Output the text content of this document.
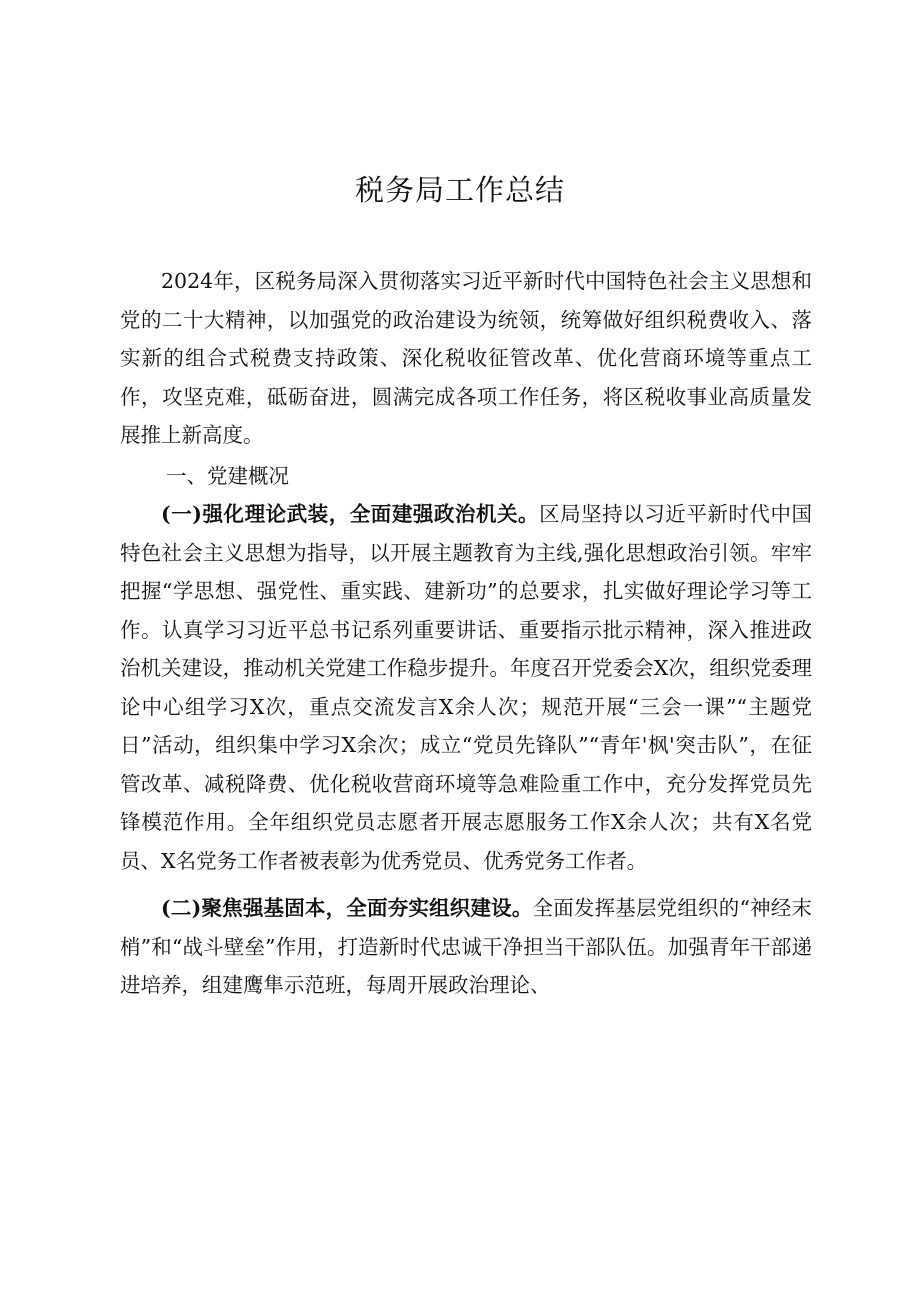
税务局工作总结

2024年，区税务局深入贯彻落实习近平新时代中国特色社会主义思想和党的二十大精神，以加强党的政治建设为统领，统筹做好组织税费收入、落实新的组合式税费支持政策、深化税收征管改革、优化营商环境等重点工作，攻坚克难，砥砺奋进，圆满完成各项工作任务，将区税收事业高质量发展推上新高度。

一、党建概况

(一)强化理论武装，全面建强政治机关。区局坚持以习近平新时代中国特色社会主义思想为指导，以开展主题教育为主线,强化思想政治引领。牢牢把握“学思想、强党性、重实践、建新功”的总要求，扎实做好理论学习等工作。认真学习习近平总书记系列重要讲话、重要指示批示精神，深入推进政治机关建设，推动机关党建工作稳步提升。年度召开党委会X次，组织党委理论中心组学习X次，重点交流发言X余人次；规范开展“三会一课”“主题党日”活动，组织集中学习X余次；成立“党员先锋队”“青年'枫'突击队”，在征管改革、减税降费、优化税收营商环境等急难险重工作中，充分发挥党员先锋模范作用。全年组织党员志愿者开展志愿服务工作X余人次；共有X名党员、X名党务工作者被表彰为优秀党员、优秀党务工作者。

(二)聚焦强基固本，全面夯实组织建设。全面发挥基层党组织的“神经末梢”和“战斗壁垒”作用，打造新时代忠诚干净担当干部队伍。加强青年干部递进培养，组建鹰隼示范班，每周开展政治理论、
